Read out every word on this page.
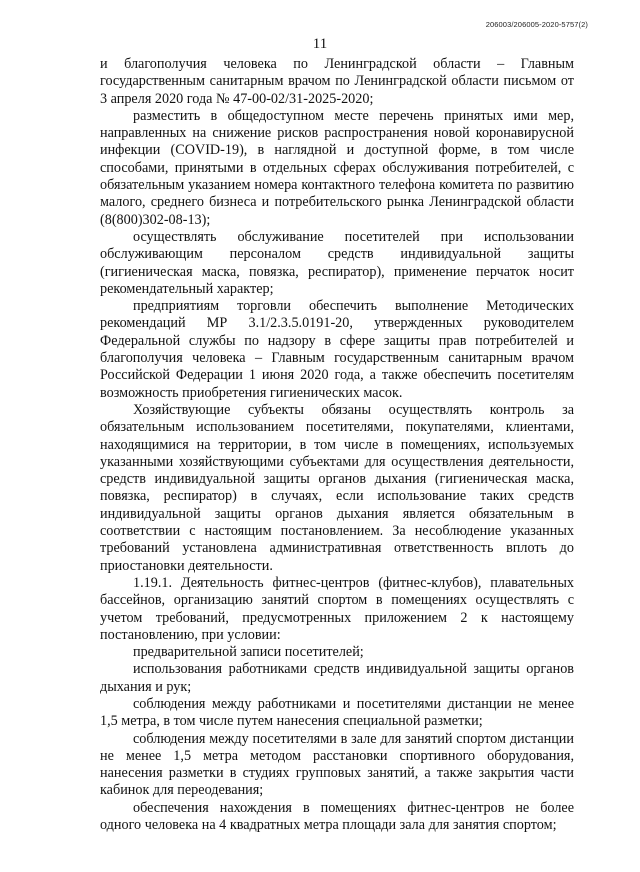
206003/206005-2020-5757(2)
11

и благополучия человека по Ленинградской области – Главным государственным санитарным врачом по Ленинградской области письмом от 3 апреля 2020 года № 47-00-02/31-2025-2020;

разместить в общедоступном месте перечень принятых ими мер, направленных на снижение рисков распространения новой коронавирусной инфекции (COVID-19), в наглядной и доступной форме, в том числе способами, принятыми в отдельных сферах обслуживания потребителей, с обязательным указанием номера контактного телефона комитета по развитию малого, среднего бизнеса и потребительского рынка Ленинградской области (8(800)302-08-13);

осуществлять обслуживание посетителей при использовании обслуживающим персоналом средств индивидуальной защиты (гигиеническая маска, повязка, респиратор), применение перчаток носит рекомендательный характер;

предприятиям торговли обеспечить выполнение Методических рекомендаций МР 3.1/2.3.5.0191-20, утвержденных руководителем Федеральной службы по надзору в сфере защиты прав потребителей и благополучия человека – Главным государственным санитарным врачом Российской Федерации 1 июня 2020 года, а также обеспечить посетителям возможность приобретения гигиенических масок.

Хозяйствующие субъекты обязаны осуществлять контроль за обязательным использованием посетителями, покупателями, клиентами, находящимися на территории, в том числе в помещениях, используемых указанными хозяйствующими субъектами для осуществления деятельности, средств индивидуальной защиты органов дыхания (гигиеническая маска, повязка, респиратор) в случаях, если использование таких средств индивидуальной защиты органов дыхания является обязательным в соответствии с настоящим постановлением. За несоблюдение указанных требований установлена административная ответственность вплоть до приостановки деятельности.

1.19.1. Деятельность фитнес-центров (фитнес-клубов), плавательных бассейнов, организацию занятий спортом в помещениях осуществлять с учетом требований, предусмотренных приложением 2 к настоящему постановлению, при условии:

предварительной записи посетителей;

использования работниками средств индивидуальной защиты органов дыхания и рук;

соблюдения между работниками и посетителями дистанции не менее 1,5 метра, в том числе путем нанесения специальной разметки;

соблюдения между посетителями в зале для занятий спортом дистанции не менее 1,5 метра методом расстановки спортивного оборудования, нанесения разметки в студиях групповых занятий, а также закрытия части кабинок для переодевания;

обеспечения нахождения в помещениях фитнес-центров не более одного человека на 4 квадратных метра площади зала для занятия спортом;
